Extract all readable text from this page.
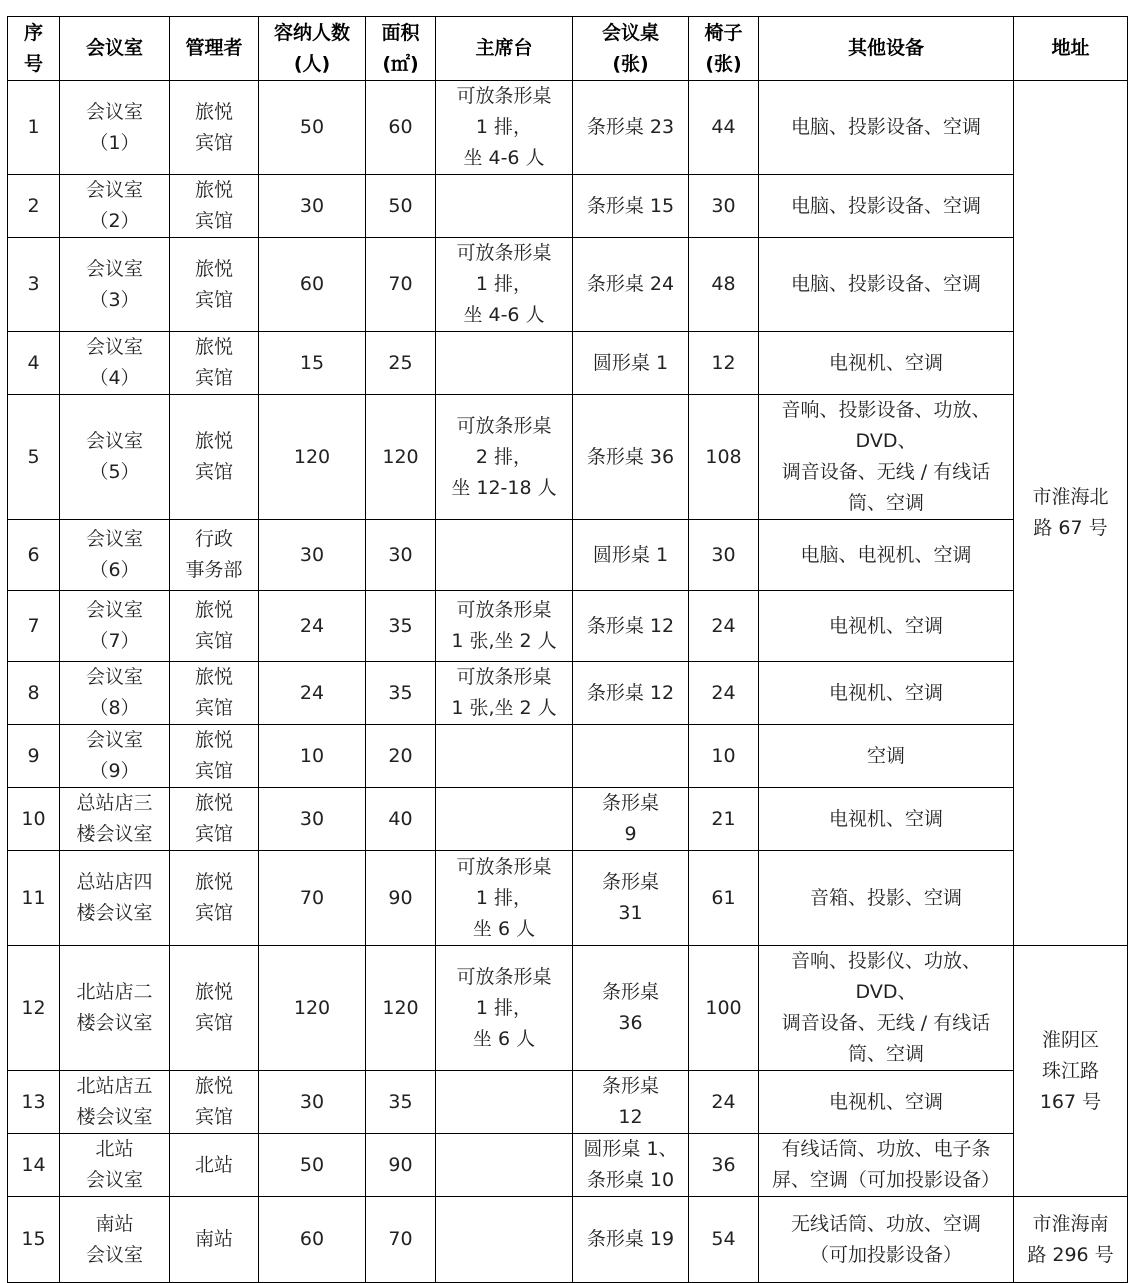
序
号	会议室	管理者	容纳人数
(人)	面积
(㎡)	主席台	会议桌
(张)	椅子
(张)	其他设备	地址
1	会议室
（1）	旅悦
宾馆	50	60	可放条形桌
1 排，
坐 4-6 人	条形桌 23	44	电脑、投影设备、空调	市淮海北
路 67 号
2	会议室
（2）	旅悦
宾馆	30	50		条形桌 15	30	电脑、投影设备、空调	
3	会议室
（3）	旅悦
宾馆	60	70	可放条形桌
1 排，
坐 4-6 人	条形桌 24	48	电脑、投影设备、空调	
4	会议室
（4）	旅悦
宾馆	15	25		圆形桌 1	12	电视机、空调	
5	会议室
（5）	旅悦
宾馆	120	120	可放条形桌
2 排，
坐 12-18 人	条形桌 36	108	音响、投影设备、功放、
DVD、
调音设备、无线 / 有线话
筒、空调	
6	会议室
（6）	行政
事务部	30	30		圆形桌 1	30	电脑、电视机、空调	
7	会议室
（7）	旅悦
宾馆	24	35	可放条形桌
1 张,坐 2 人	条形桌 12	24	电视机、空调	
8	会议室
（8）	旅悦
宾馆	24	35	可放条形桌
1 张,坐 2 人	条形桌 12	24	电视机、空调	
9	会议室
（9）	旅悦
宾馆	10	20			10	空调	
10	总站店三
楼会议室	旅悦
宾馆	30	40		条形桌
9	21	电视机、空调	
11	总站店四
楼会议室	旅悦
宾馆	70	90	可放条形桌
1 排，
坐 6 人	条形桌
31	61	音箱、投影、空调	
12	北站店二
楼会议室	旅悦
宾馆	120	120	可放条形桌
1 排，
坐 6 人	条形桌
36	100	音响、投影仪、功放、DVD、
调音设备、无线 / 有线话
筒、空调	淮阴区
珠江路
167 号
13	北站店五
楼会议室	旅悦
宾馆	30	35		条形桌
12	24	电视机、空调	
14	北站
会议室	北站	50	90		圆形桌 1、
条形桌 10	36	有线话筒、功放、电子条
屏、空调（可加投影设备）	
15	南站
会议室	南站	60	70		条形桌 19	54	无线话筒、功放、空调
（可加投影设备）	市淮海南
路 296 号
